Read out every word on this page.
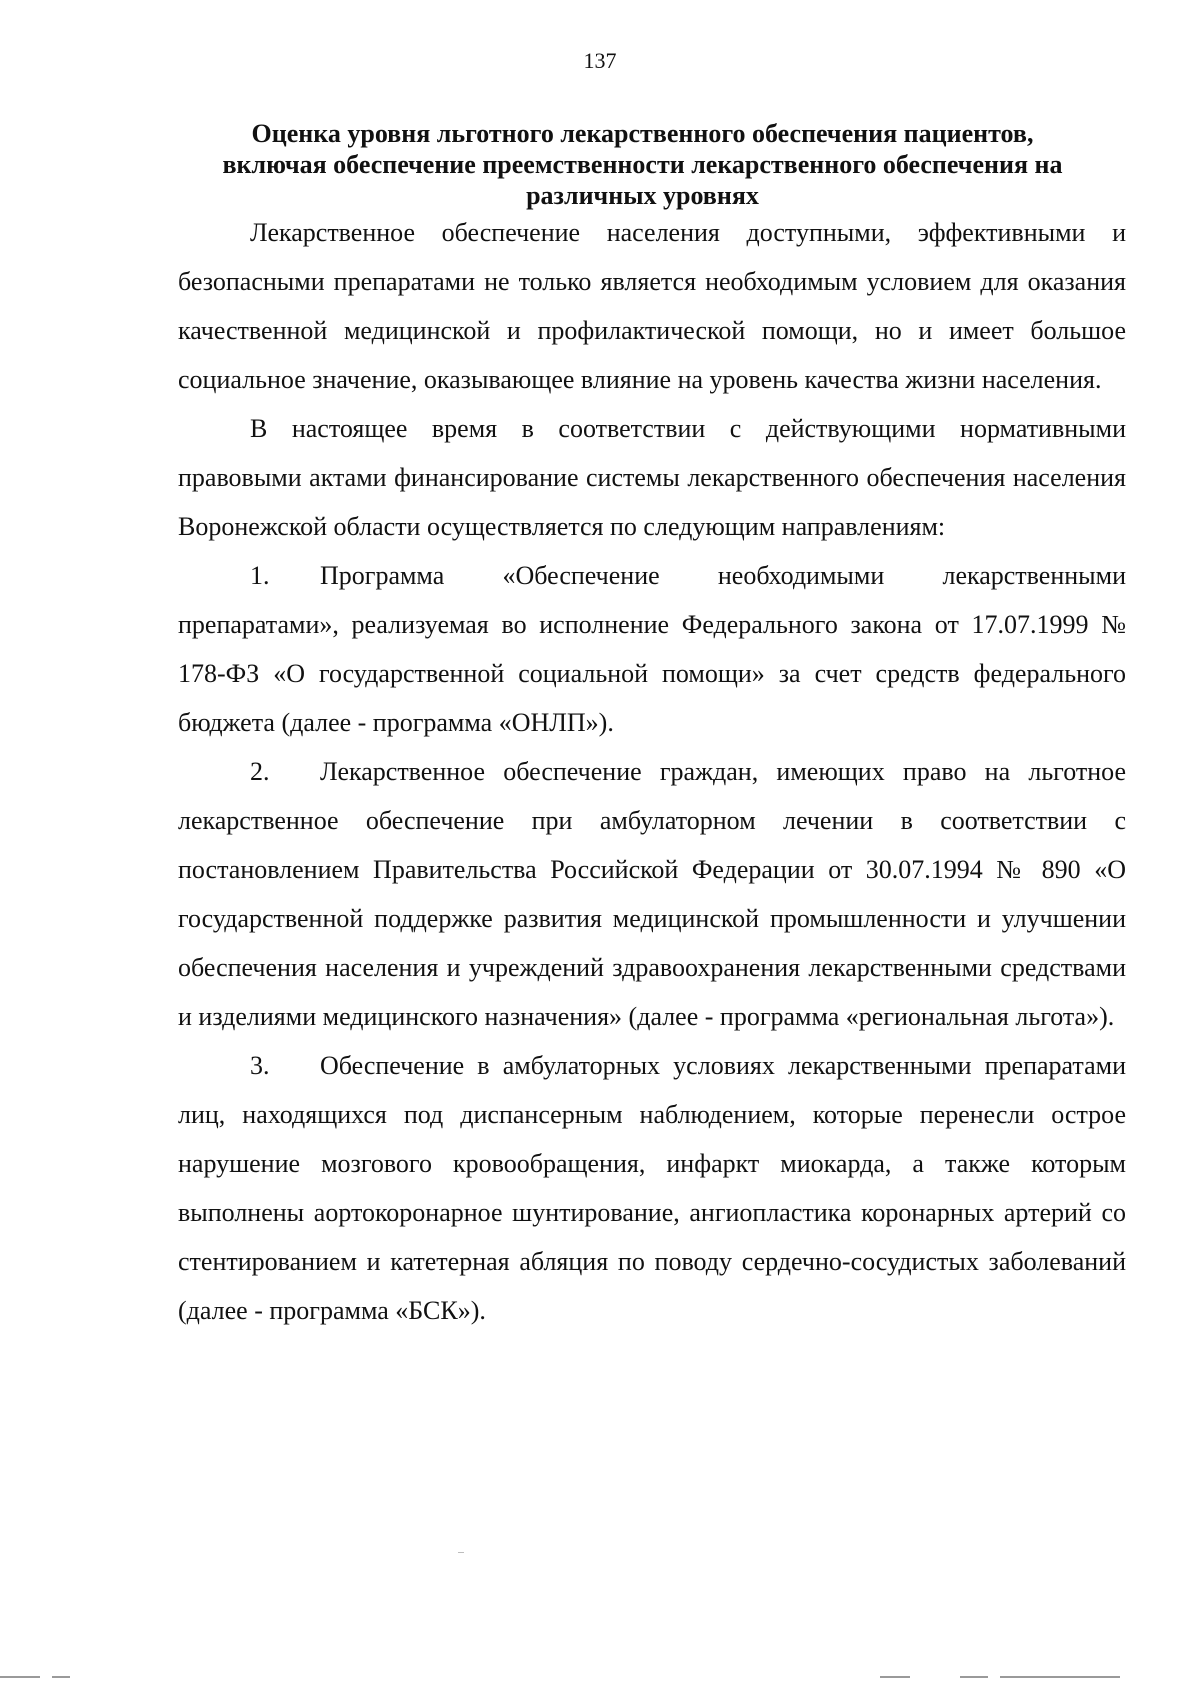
137
Оценка уровня льготного лекарственного обеспечения пациентов,
включая обеспечение преемственности лекарственного обеспечения на
различных уровнях

Лекарственное обеспечение населения доступными, эффективными и безопасными препаратами не только является необходимым условием для оказания качественной медицинской и профилактической помощи, но и имеет большое социальное значение, оказывающее влияние на уровень качества жизни населения.

В настоящее время в соответствии с действующими нормативными правовыми актами финансирование системы лекарственного обеспечения населения Воронежской области осуществляется по следующим направлениям:

1. Программа «Обеспечение необходимыми лекарственными препаратами», реализуемая во исполнение Федерального закона от 17.07.1999 № 178-ФЗ «О государственной социальной помощи» за счет средств федерального бюджета (далее - программа «ОНЛП»).

2. Лекарственное обеспечение граждан, имеющих право на льготное лекарственное обеспечение при амбулаторном лечении в соответствии с постановлением Правительства Российской Федерации от 30.07.1994 № 890 «О государственной поддержке развития медицинской промышленности и улучшении обеспечения населения и учреждений здравоохранения лекарственными средствами и изделиями медицинского назначения» (далее - программа «региональная льгота»).

3. Обеспечение в амбулаторных условиях лекарственными препаратами лиц, находящихся под диспансерным наблюдением, которые перенесли острое нарушение мозгового кровообращения, инфаркт миокарда, а также которым выполнены аортокоронарное шунтирование, ангиопластика коронарных артерий со стентированием и катетерная абляция по поводу сердечно-сосудистых заболеваний (далее - программа «БСК»).
